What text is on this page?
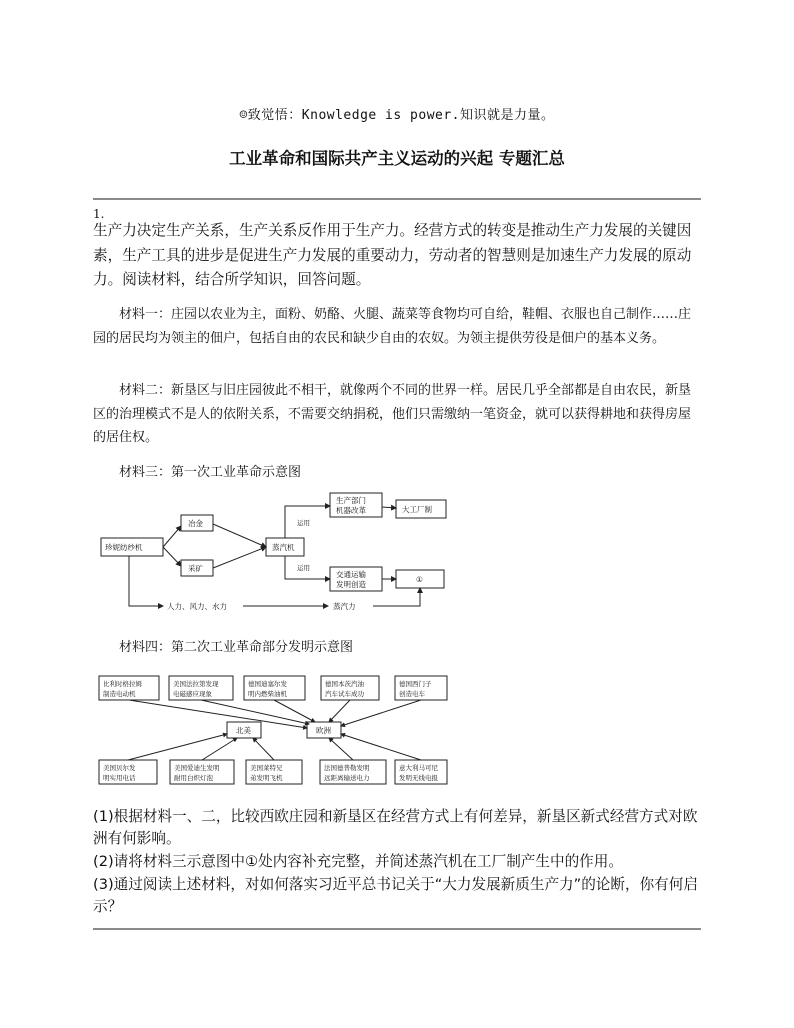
☺致觉悟：Knowledge is power.知识就是力量。
工业革命和国际共产主义运动的兴起 专题汇总
1.
生产力决定生产关系，生产关系反作用于生产力。经营方式的转变是推动生产力发展的关键因素，生产工具的进步是促进生产力发展的重要动力，劳动者的智慧则是加速生产力发展的原动力。阅读材料，结合所学知识，回答问题。
材料一：庄园以农业为主，面粉、奶酪、火腿、蔬菜等食物均可自给，鞋帽、衣服也自己制作……庄园的居民均为领主的佃户，包括自由的农民和缺少自由的农奴。为领主提供劳役是佃户的基本义务。
材料二：新垦区与旧庄园彼此不相干，就像两个不同的世界一样。居民几乎全部都是自由农民，新垦区的治理模式不是人的依附关系，不需要交纳捐税，他们只需缴纳一笔资金，就可以获得耕地和获得房屋的居住权。
材料三：第一次工业革命示意图
珍妮纺纱机
冶金
采矿
蒸汽机
生产部门
机器改革	大工厂制
交通运输
发明创造
①
运用
运用
人力、风力、水力	蒸汽力
材料四：第二次工业革命部分发明示意图
比利时格拉姆
制造电动机
美国法拉第发现
电磁感应现象
德国迪塞尔发
明内燃柴油机
德国本茨汽油
汽车试车成功
德国西门子
创造电车
北美	欧洲
美国贝尔发
明实用电话
美国爱迪生发明
耐用白炽灯泡
美国莱特兄
弟发明飞机
法国德普勒发明
远距离输送电力
意大利马可尼
发明无线电报
(1)根据材料一、二，比较西欧庄园和新垦区在经营方式上有何差异，新垦区新式经营方式对欧洲有何影响。
(2)请将材料三示意图中①处内容补充完整，并简述蒸汽机在工厂制产生中的作用。
(3)通过阅读上述材料，对如何落实习近平总书记关于“大力发展新质生产力”的论断，你有何启示？
